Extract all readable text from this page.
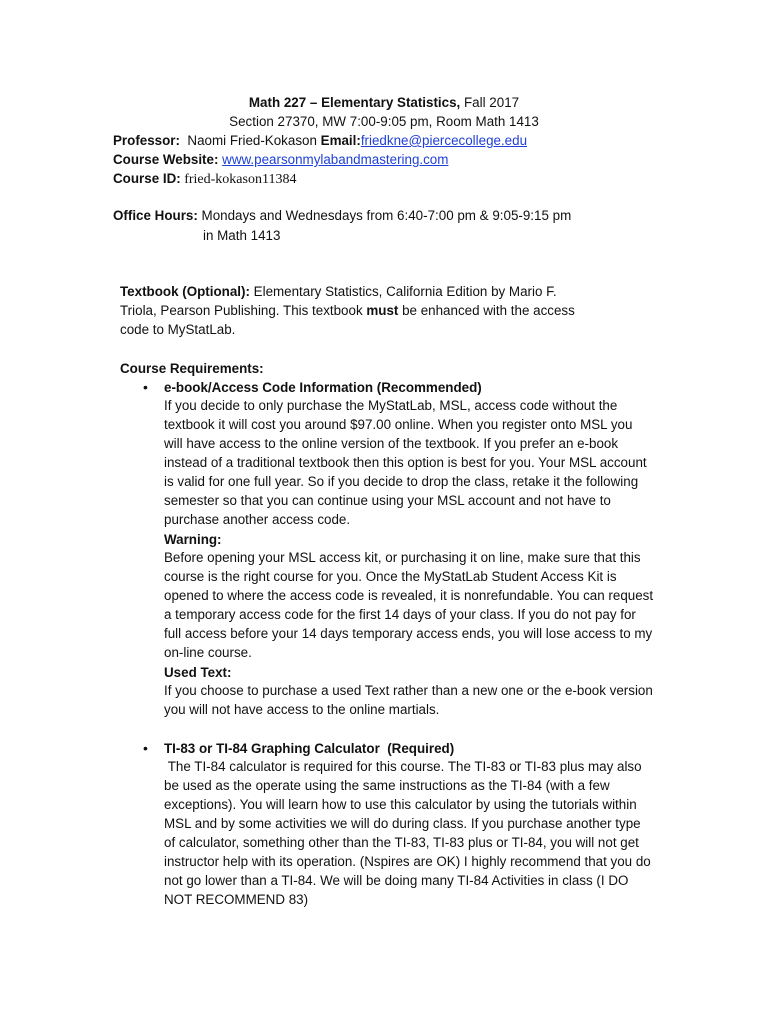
Math 227 – Elementary Statistics, Fall 2017
Section 27370, MW 7:00-9:05 pm, Room Math 1413
Professor:  Naomi Fried-Kokason Email:friedkne@piercecollege.edu
Course Website: www.pearsonmylabandmastering.com
Course ID: fried-kokason11384
Office Hours: Mondays and Wednesdays from 6:40-7:00 pm & 9:05-9:15 pm
in Math 1413
Textbook (Optional): Elementary Statistics, California Edition by Mario F. Triola, Pearson Publishing. This textbook must be enhanced with the access code to MyStatLab.
Course Requirements:
• e-book/Access Code Information (Recommended)
If you decide to only purchase the MyStatLab, MSL, access code without the textbook it will cost you around $97.00 online. When you register onto MSL you will have access to the online version of the textbook. If you prefer an e-book instead of a traditional textbook then this option is best for you. Your MSL account is valid for one full year. So if you decide to drop the class, retake it the following semester so that you can continue using your MSL account and not have to purchase another access code.
Warning:
Before opening your MSL access kit, or purchasing it on line, make sure that this course is the right course for you. Once the MyStatLab Student Access Kit is opened to where the access code is revealed, it is nonrefundable. You can request a temporary access code for the first 14 days of your class. If you do not pay for full access before your 14 days temporary access ends, you will lose access to my on-line course.
Used Text:
If you choose to purchase a used Text rather than a new one or the e-book version you will not have access to the online martials.
• TI-83 or TI-84 Graphing Calculator  (Required)
The TI-84 calculator is required for this course. The TI-83 or TI-83 plus may also be used as the operate using the same instructions as the TI-84 (with a few exceptions). You will learn how to use this calculator by using the tutorials within MSL and by some activities we will do during class. If you purchase another type of calculator, something other than the TI-83, TI-83 plus or TI-84, you will not get instructor help with its operation. (Nspires are OK) I highly recommend that you do not go lower than a TI-84. We will be doing many TI-84 Activities in class (I DO NOT RECOMMEND 83)
